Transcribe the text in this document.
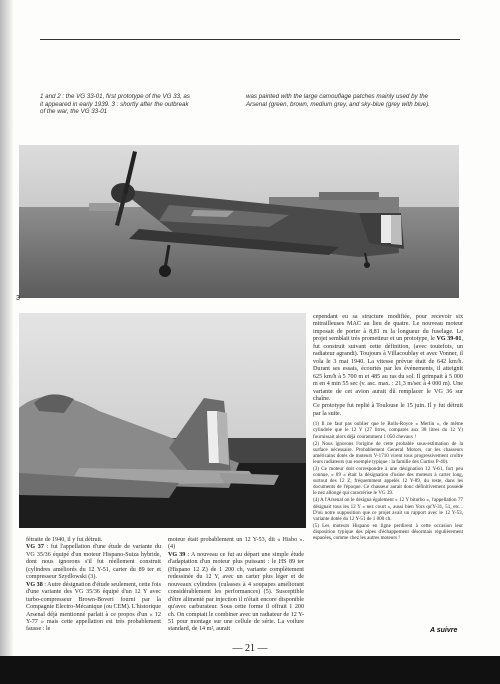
1 and 2 : the VG 33-01, first prototype of the VG 33, as it appeared in early 1939. 3 : shortly after the outbreak of the war, the VG 33-01
was painted with the large camouflage patches mainly used by the Arsenal (green, brown, medium grey, and sky-blue (grey with blue).
3

cependant eu sa structure modifiée, pour recevoir six mitrailleuses MAC au lieu de quatre. Le nouveau moteur imposait de porter à 8,81 m la longueur du fuselage. Le projet semblait très prometteur et un prototype, le VG 39-01, fut construit suivant cette définition, (avec toutefois, un radiateur agrandi). Toujours à Villacoublay et avec Vonner, il vola le 3 mai 1940. La vitesse prévue était de 642 km/h. Durant ses essais, écourtés par les événements, il atteignit 625 km/h à 5 700 m et 485 au ras du sol. Il grimpait à 5 000 m en 4 min 55 sec (v. asc. max. : 21,3 m/sec à 4 000 m). Une variante de cet avion aurait dû remplacer le VG 36 sur chaîne.

Ce prototype fut replié à Toulouse le 15 juin. Il y fut détruit par la suite.

(1) Il ne faut pas oublier que le Rolls-Royce « Merlin », de même cylindrée que le 12 Y (27 litres, comparés aux 38 litres du 12 Y) fournissait alors déjà couramment 1 050 chevaux !

(2) Nous ignorons l'origine de cette probable sous-estimation de la surface nécessaire. Probablement General Motors, car les chasseurs américains dotés de moteurs V-1710 virent tous progressivement croître leurs radiateurs (un exemple typique : la famille des Curtiss P-40).

(3) Ce moteur doit correspondre à une désignation 12 Y-61, fort peu connue, « 89 » était la désignation d'usine des moteurs à carter long, surtout des 12 Z, fréquemment appelés 12 Y-89, du reste, dans les documents de l'époque. Ce chasseur aurait donc définitivement possédé le nez allongé qui caractérise le VG 39.

(4) A l'Arsenal on le désigna également « 12 Y biturbo », l'appellation 77 désignait tous les 12 Y « nez court », aussi bien Yors qu'Y-31, 51, etc... D'où notre supposition que ce projet avait un rapport avec le 12 Y-53, variante dotée du 12 Y-51 de 1 000 ch.

(5) Les moteurs Hispano en ligne perdirent à cette occasion leur disposition typique des pipes d'échappement désormais régulièrement espacées, comme chez les autres moteurs !

fétraite de 1940, il y fut détruit.

VG 37 : fut l'appellation d'une étude de variante du VG 35/36 équipé d'un moteur Hispano-Suiza hybride, dont nous ignorons s'il fut réellement construit (cylindres améliorés du 12 Y-51, carter du 89 ter et compresseur Szydlowski (3).

VG 38 : Autre désignation d'étude seulement, cette fois d'une variante des VG 35/36 équipé d'un 12 Y avec turbo-compresseur Brown-Boveri fourni par la Compagnie Electro-Mécanique (ou CEM). L'historique Arsenal déjà mentionné parlait à ce propos d'un « 12 Y-77 » mais cette appellation est très probablement fausse : le

moteur était probablement un 12 Y-53, dit « Hisbo ». (4)

VG 39 : A nouveau ce fut au départ une simple étude d'adaptation d'un moteur plus puissant : le HS 89 ter (Hispano 12 Z) de 1 200 ch, variante complètement redessinée du 12 Y, avec un carter plus léger et de nouveaux cylindres (culasses à 4 soupapes améliorant considérablement les performances) (5). Susceptible d'être alimenté par injection il n'était encore disponible qu'avec carburateur. Sous cette forme il offrait 1 200 ch. On comptait le combiner avec un radiateur de 12 Y-51 pour montage sur une cellule de série. La voilure standard, de 14 m², aurait	A suivre
— 21 —
